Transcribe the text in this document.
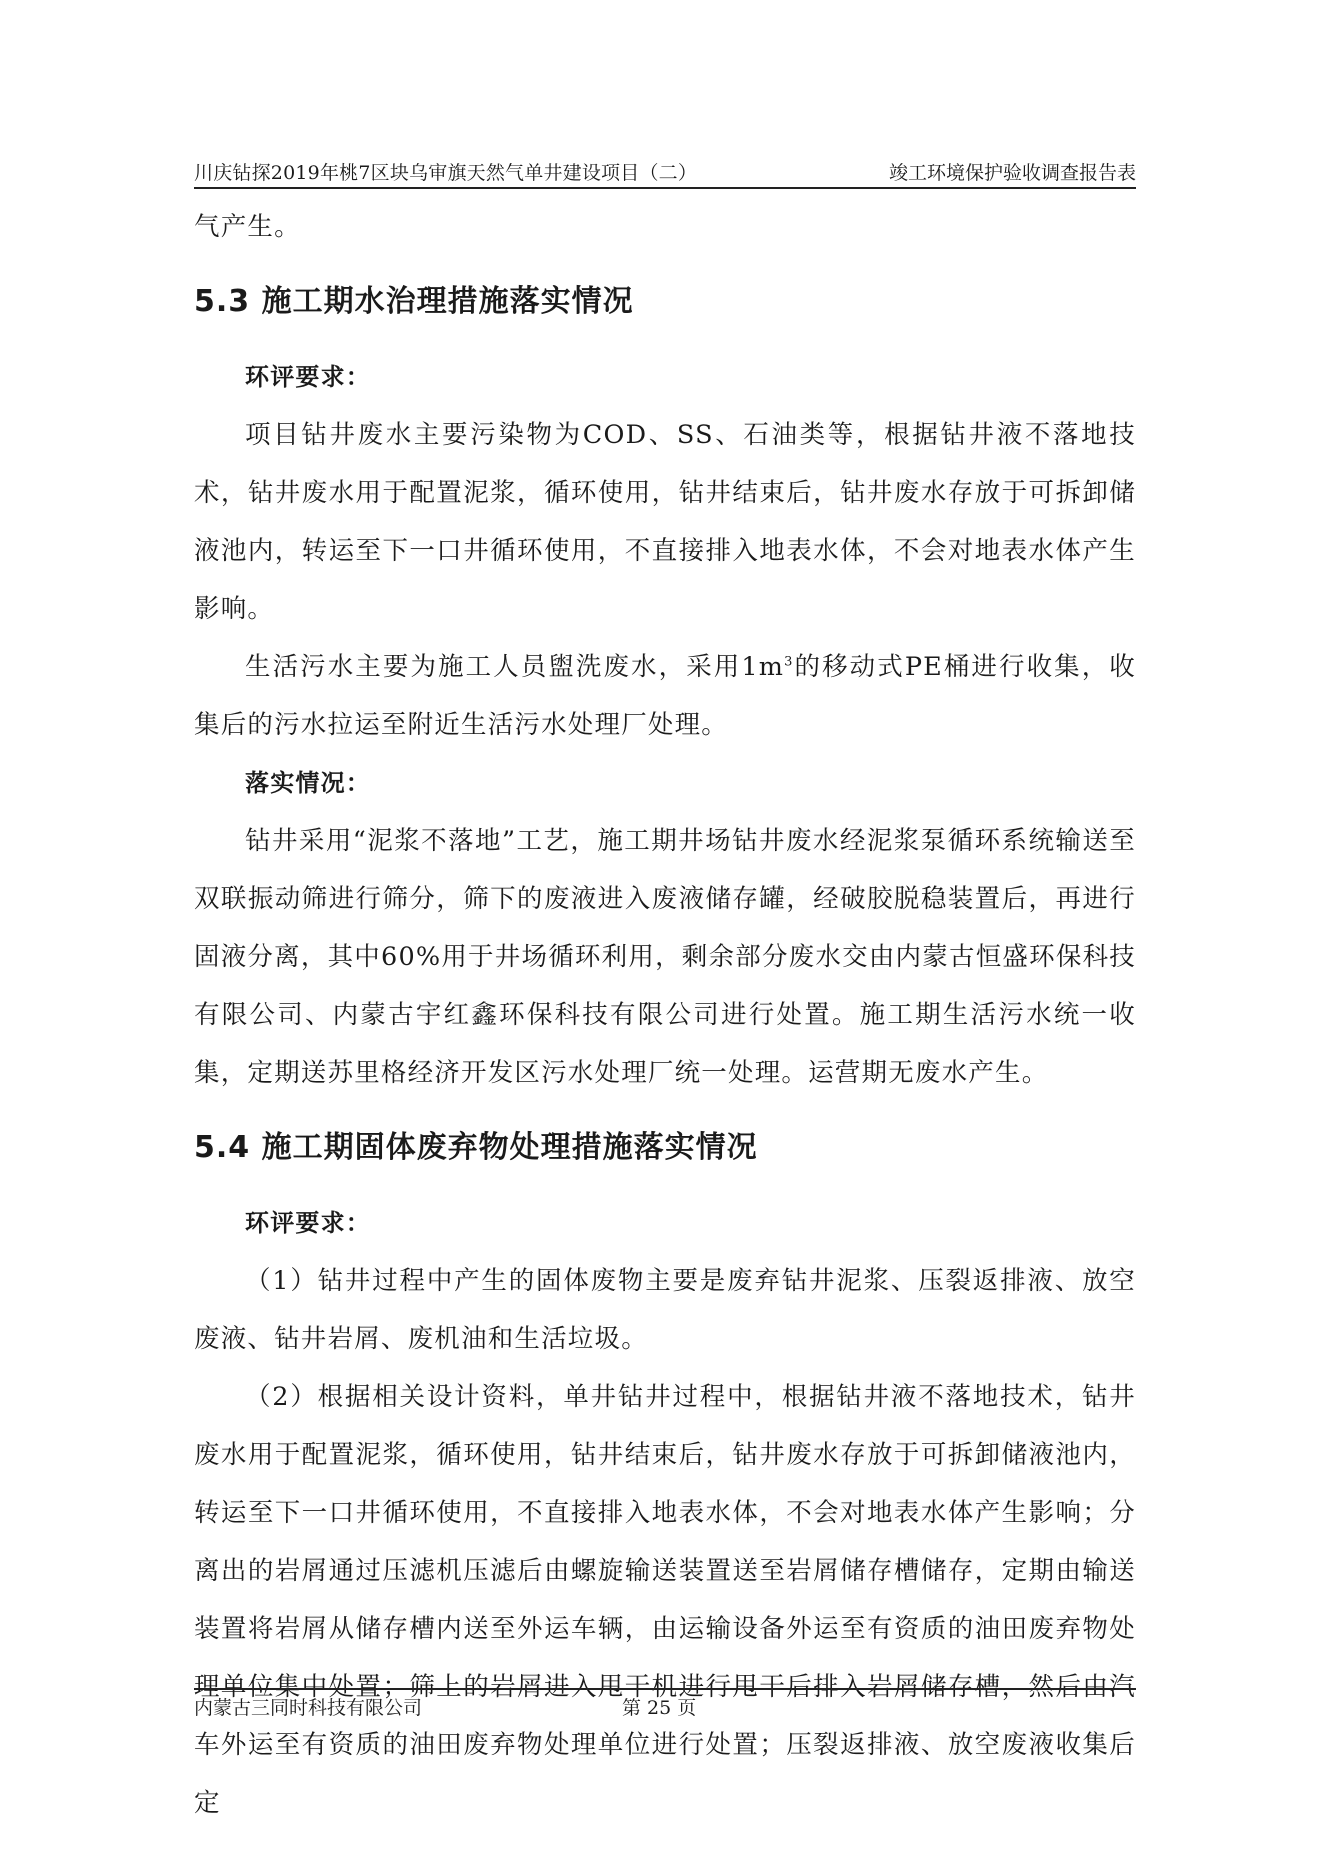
川庆钻探2019年桃7区块乌审旗天然气单井建设项目（二）	竣工环境保护验收调查报告表

气产生。

5.3 施工期水治理措施落实情况

环评要求：

项目钻井废水主要污染物为COD、SS、石油类等，根据钻井液不落地技术，钻井废水用于配置泥浆，循环使用，钻井结束后，钻井废水存放于可拆卸储液池内，转运至下一口井循环使用，不直接排入地表水体，不会对地表水体产生影响。

生活污水主要为施工人员盥洗废水，采用$1m^3$的移动式PE桶进行收集，收集后的污水拉运至附近生活污水处理厂处理。

落实情况：

钻井采用“泥浆不落地”工艺，施工期井场钻井废水经泥浆泵循环系统输送至双联振动筛进行筛分，筛下的废液进入废液储存罐，经破胶脱稳装置后，再进行固液分离，其中60%用于井场循环利用，剩余部分废水交由内蒙古恒盛环保科技有限公司、内蒙古宇红鑫环保科技有限公司进行处置。施工期生活污水统一收集，定期送苏里格经济开发区污水处理厂统一处理。运营期无废水产生。

5.4 施工期固体废弃物处理措施落实情况

环评要求：

（1）钻井过程中产生的固体废物主要是废弃钻井泥浆、压裂返排液、放空废液、钻井岩屑、废机油和生活垃圾。

（2）根据相关设计资料，单井钻井过程中，根据钻井液不落地技术，钻井废水用于配置泥浆，循环使用，钻井结束后，钻井废水存放于可拆卸储液池内，转运至下一口井循环使用，不直接排入地表水体，不会对地表水体产生影响；分离出的岩屑通过压滤机压滤后由螺旋输送装置送至岩屑储存槽储存，定期由输送装置将岩屑从储存槽内送至外运车辆，由运输设备外运至有资质的油田废弃物处理单位集中处置；筛上的岩屑进入甩干机进行甩干后排入岩屑储存槽，然后由汽车外运至有资质的油田废弃物处理单位进行处置；压裂返排液、放空废液收集后定

内蒙古三同时科技有限公司	第 25 页
